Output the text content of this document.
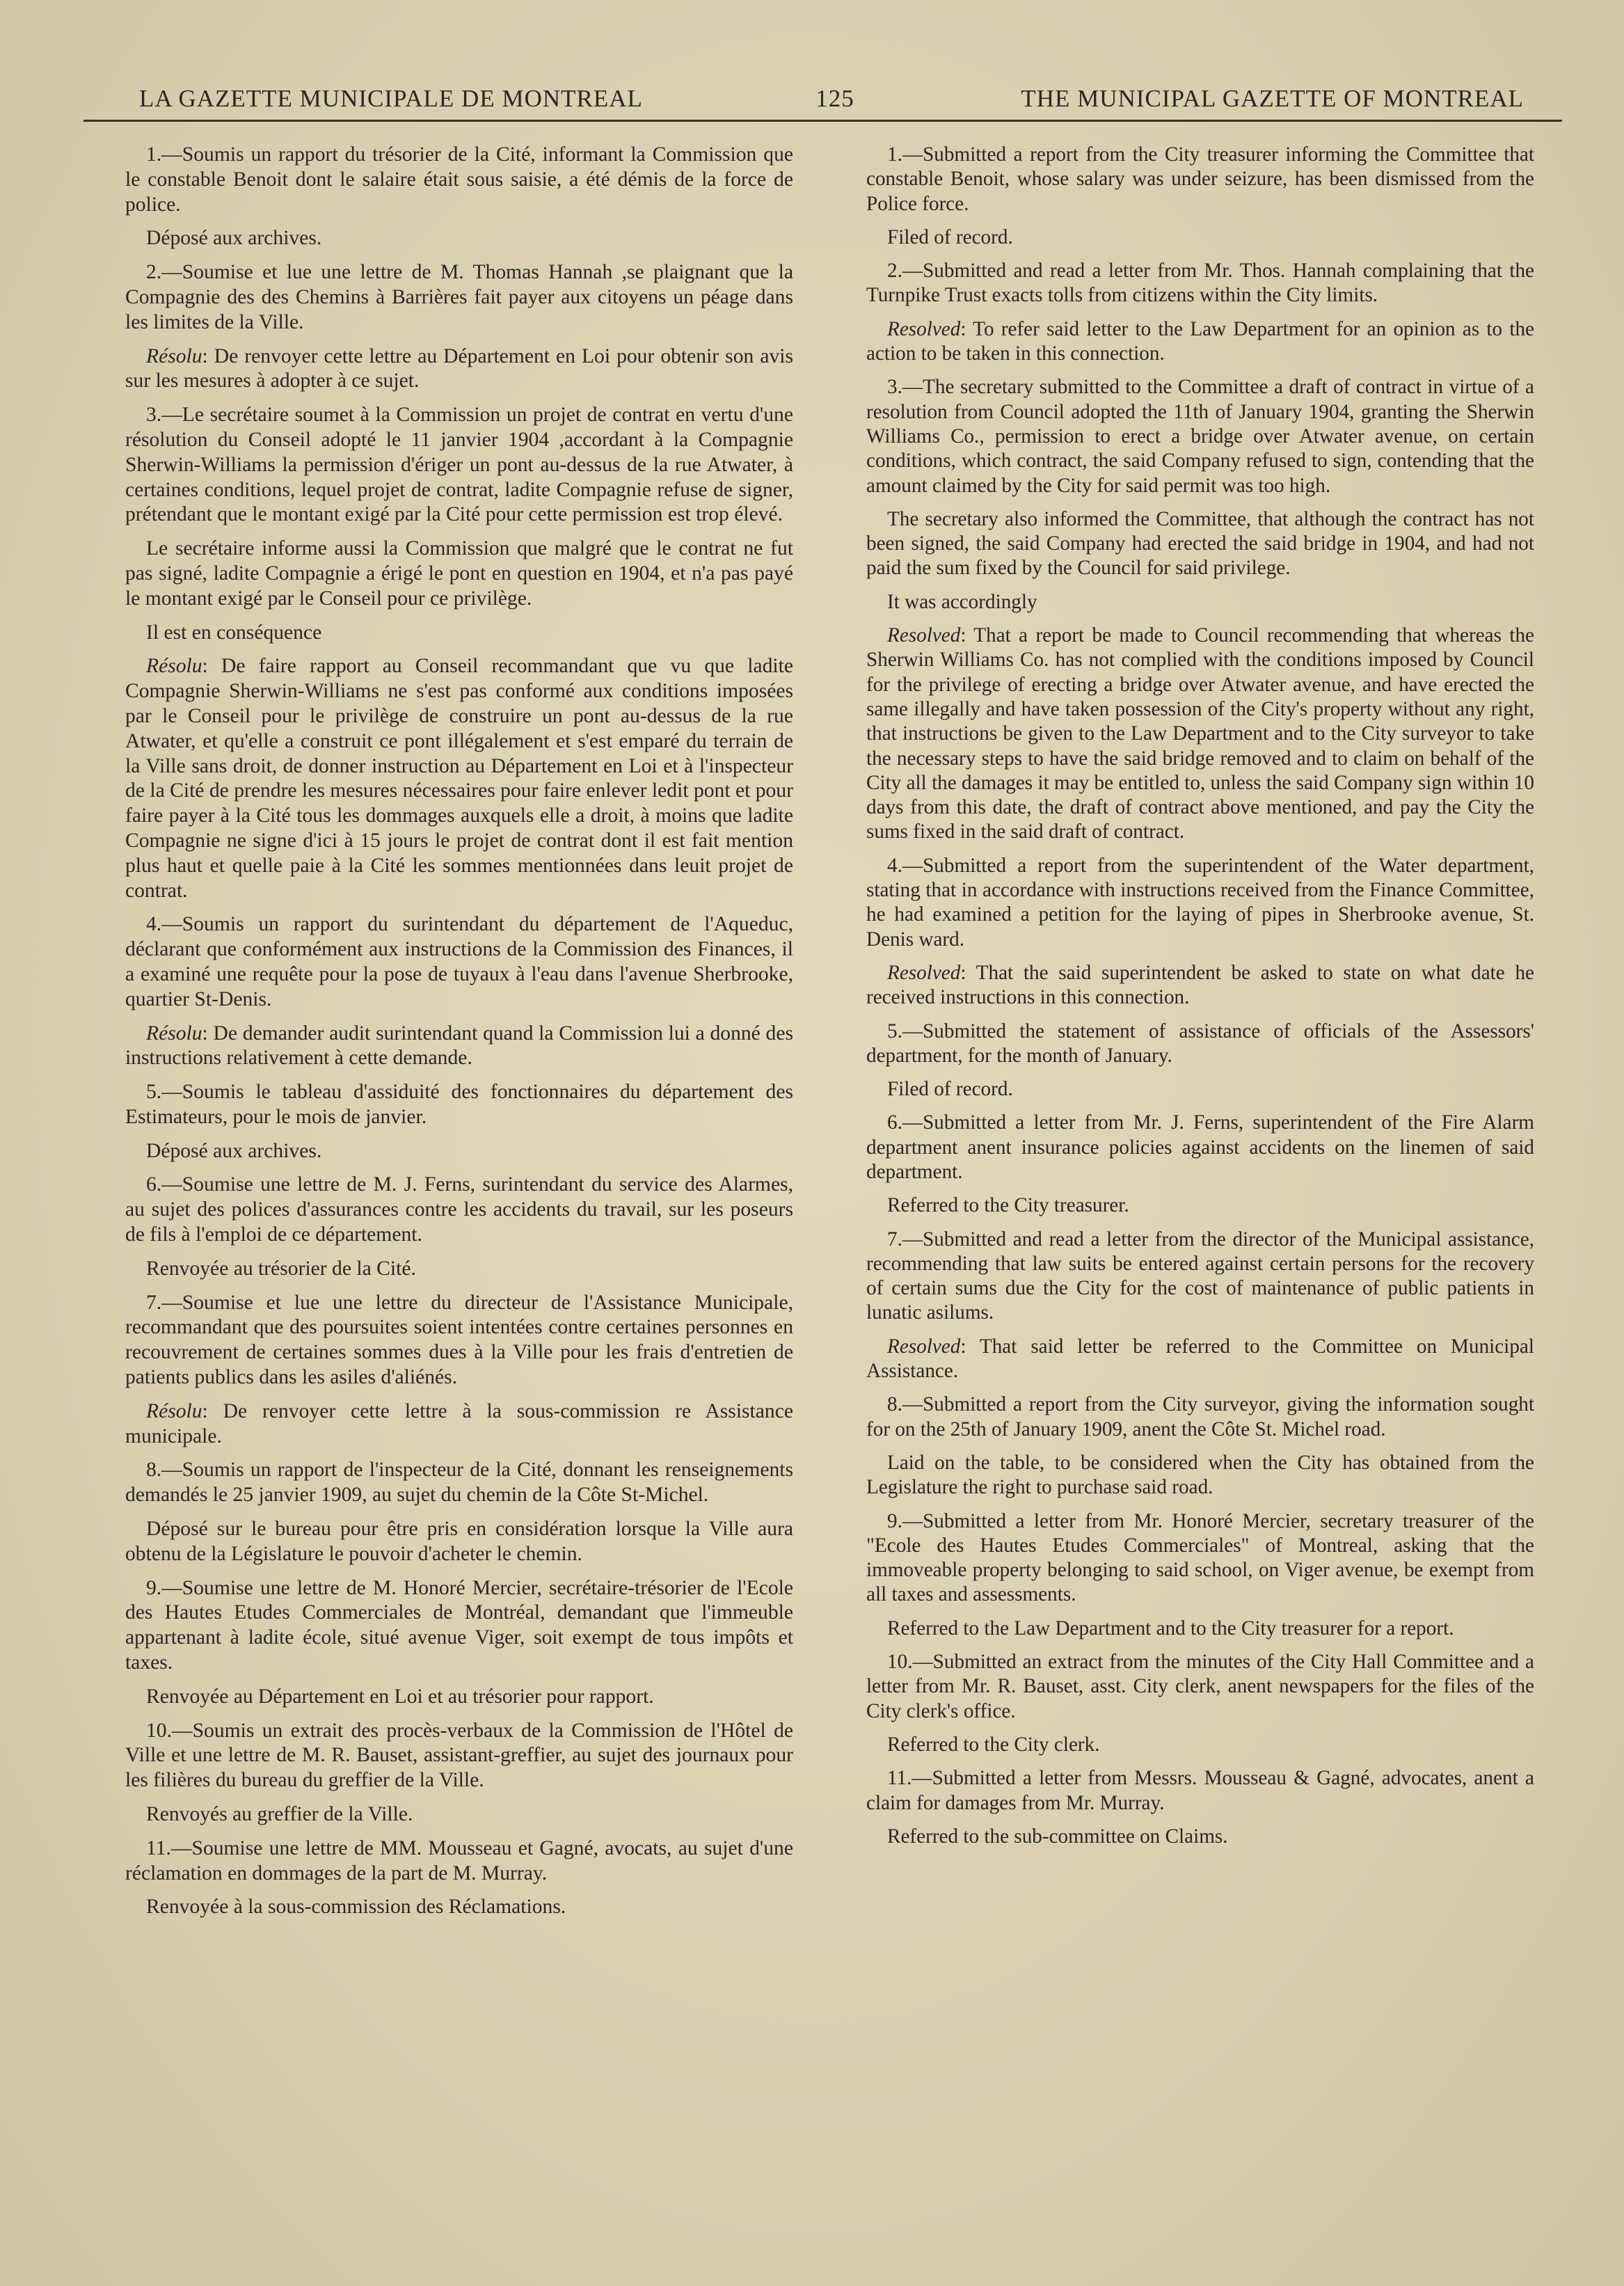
LA GAZETTE MUNICIPALE DE MONTREAL	125	THE MUNICIPAL GAZETTE OF MONTREAL

1.—Soumis un rapport du trésorier de la Cité, informant la Commission que le constable Benoit dont le salaire était sous saisie, a été démis de la force de police.

Déposé aux archives.

2.—Soumise et lue une lettre de M. Thomas Hannah ,se plaignant que la Compagnie des des Chemins à Barrières fait payer aux citoyens un péage dans les limites de la Ville.

Résolu: De renvoyer cette lettre au Département en Loi pour obtenir son avis sur les mesures à adopter à ce sujet.

3.—Le secrétaire soumet à la Commission un projet de contrat en vertu d'une résolution du Conseil adopté le 11 janvier 1904 ,accordant à la Compagnie Sherwin-Williams la permission d'ériger un pont au-dessus de la rue Atwater, à certaines conditions, lequel projet de contrat, ladite Compagnie refuse de signer, prétendant que le montant exigé par la Cité pour cette permission est trop élevé.

Le secrétaire informe aussi la Commission que malgré que le contrat ne fut pas signé, ladite Compagnie a érigé le pont en question en 1904, et n'a pas payé le montant exigé par le Conseil pour ce privilège.

Il est en conséquence

Résolu: De faire rapport au Conseil recommandant que vu que ladite Compagnie Sherwin-Williams ne s'est pas conformé aux conditions imposées par le Conseil pour le privilège de construire un pont au-dessus de la rue Atwater, et qu'elle a construit ce pont illégalement et s'est emparé du terrain de la Ville sans droit, de donner instruction au Département en Loi et à l'inspecteur de la Cité de prendre les mesures nécessaires pour faire enlever ledit pont et pour faire payer à la Cité tous les dommages auxquels elle a droit, à moins que ladite Compagnie ne signe d'ici à 15 jours le projet de contrat dont il est fait mention plus haut et quelle paie à la Cité les sommes mentionnées dans leuit projet de contrat.

4.—Soumis un rapport du surintendant du département de l'Aqueduc, déclarant que conformément aux instructions de la Commission des Finances, il a examiné une requête pour la pose de tuyaux à l'eau dans l'avenue Sherbrooke, quartier St-Denis.

Résolu: De demander audit surintendant quand la Commission lui a donné des instructions relativement à cette demande.

5.—Soumis le tableau d'assiduité des fonctionnaires du département des Estimateurs, pour le mois de janvier.

Déposé aux archives.

6.—Soumise une lettre de M. J. Ferns, surintendant du service des Alarmes, au sujet des polices d'assurances contre les accidents du travail, sur les poseurs de fils à l'emploi de ce département.

Renvoyée au trésorier de la Cité.

7.—Soumise et lue une lettre du directeur de l'Assistance Municipale, recommandant que des poursuites soient intentées contre certaines personnes en recouvrement de certaines sommes dues à la Ville pour les frais d'entretien de patients publics dans les asiles d'aliénés.

Résolu: De renvoyer cette lettre à la sous-commission re Assistance municipale.

8.—Soumis un rapport de l'inspecteur de la Cité, donnant les renseignements demandés le 25 janvier 1909, au sujet du chemin de la Côte St-Michel.

Déposé sur le bureau pour être pris en considération lorsque la Ville aura obtenu de la Législature le pouvoir d'acheter le chemin.

9.—Soumise une lettre de M. Honoré Mercier, secrétaire-trésorier de l'Ecole des Hautes Etudes Commerciales de Montréal, demandant que l'immeuble appartenant à ladite école, situé avenue Viger, soit exempt de tous impôts et taxes.

Renvoyée au Département en Loi et au trésorier pour rapport.

10.—Soumis un extrait des procès-verbaux de la Commission de l'Hôtel de Ville et une lettre de M. R. Bauset, assistant-greffier, au sujet des journaux pour les filières du bureau du greffier de la Ville.

Renvoyés au greffier de la Ville.

11.—Soumise une lettre de MM. Mousseau et Gagné, avocats, au sujet d'une réclamation en dommages de la part de M. Murray.

Renvoyée à la sous-commission des Réclamations.

1.—Submitted a report from the City treasurer informing the Committee that constable Benoit, whose salary was under seizure, has been dismissed from the Police force.

Filed of record.

2.—Submitted and read a letter from Mr. Thos. Hannah complaining that the Turnpike Trust exacts tolls from citizens within the City limits.

Resolved: To refer said letter to the Law Department for an opinion as to the action to be taken in this connection.

3.—The secretary submitted to the Committee a draft of contract in virtue of a resolution from Council adopted the 11th of January 1904, granting the Sherwin Williams Co., permission to erect a bridge over Atwater avenue, on certain conditions, which contract, the said Company refused to sign, contending that the amount claimed by the City for said permit was too high.

The secretary also informed the Committee, that although the contract has not been signed, the said Company had erected the said bridge in 1904, and had not paid the sum fixed by the Council for said privilege.

It was accordingly

Resolved: That a report be made to Council recommending that whereas the Sherwin Williams Co. has not complied with the conditions imposed by Council for the privilege of erecting a bridge over Atwater avenue, and have erected the same illegally and have taken possession of the City's property without any right, that instructions be given to the Law Department and to the City surveyor to take the necessary steps to have the said bridge removed and to claim on behalf of the City all the damages it may be entitled to, unless the said Company sign within 10 days from this date, the draft of contract above mentioned, and pay the City the sums fixed in the said draft of contract.

4.—Submitted a report from the superintendent of the Water department, stating that in accordance with instructions received from the Finance Committee, he had examined a petition for the laying of pipes in Sherbrooke avenue, St. Denis ward.

Resolved: That the said superintendent be asked to state on what date he received instructions in this connection.

5.—Submitted the statement of assistance of officials of the Assessors' department, for the month of January.

Filed of record.

6.—Submitted a letter from Mr. J. Ferns, superintendent of the Fire Alarm department anent insurance policies against accidents on the linemen of said department.

Referred to the City treasurer.

7.—Submitted and read a letter from the director of the Municipal assistance, recommending that law suits be entered against certain persons for the recovery of certain sums due the City for the cost of maintenance of public patients in lunatic asilums.

Resolved: That said letter be referred to the Committee on Municipal Assistance.

8.—Submitted a report from the City surveyor, giving the information sought for on the 25th of January 1909, anent the Côte St. Michel road.

Laid on the table, to be considered when the City has obtained from the Legislature the right to purchase said road.

9.—Submitted a letter from Mr. Honoré Mercier, secretary treasurer of the "Ecole des Hautes Etudes Commerciales" of Montreal, asking that the immoveable property belonging to said school, on Viger avenue, be exempt from all taxes and assessments.

Referred to the Law Department and to the City treasurer for a report.

10.—Submitted an extract from the minutes of the City Hall Committee and a letter from Mr. R. Bauset, asst. City clerk, anent newspapers for the files of the City clerk's office.

Referred to the City clerk.

11.—Submitted a letter from Messrs. Mousseau & Gagné, advocates, anent a claim for damages from Mr. Murray.

Referred to the sub-committee on Claims.
